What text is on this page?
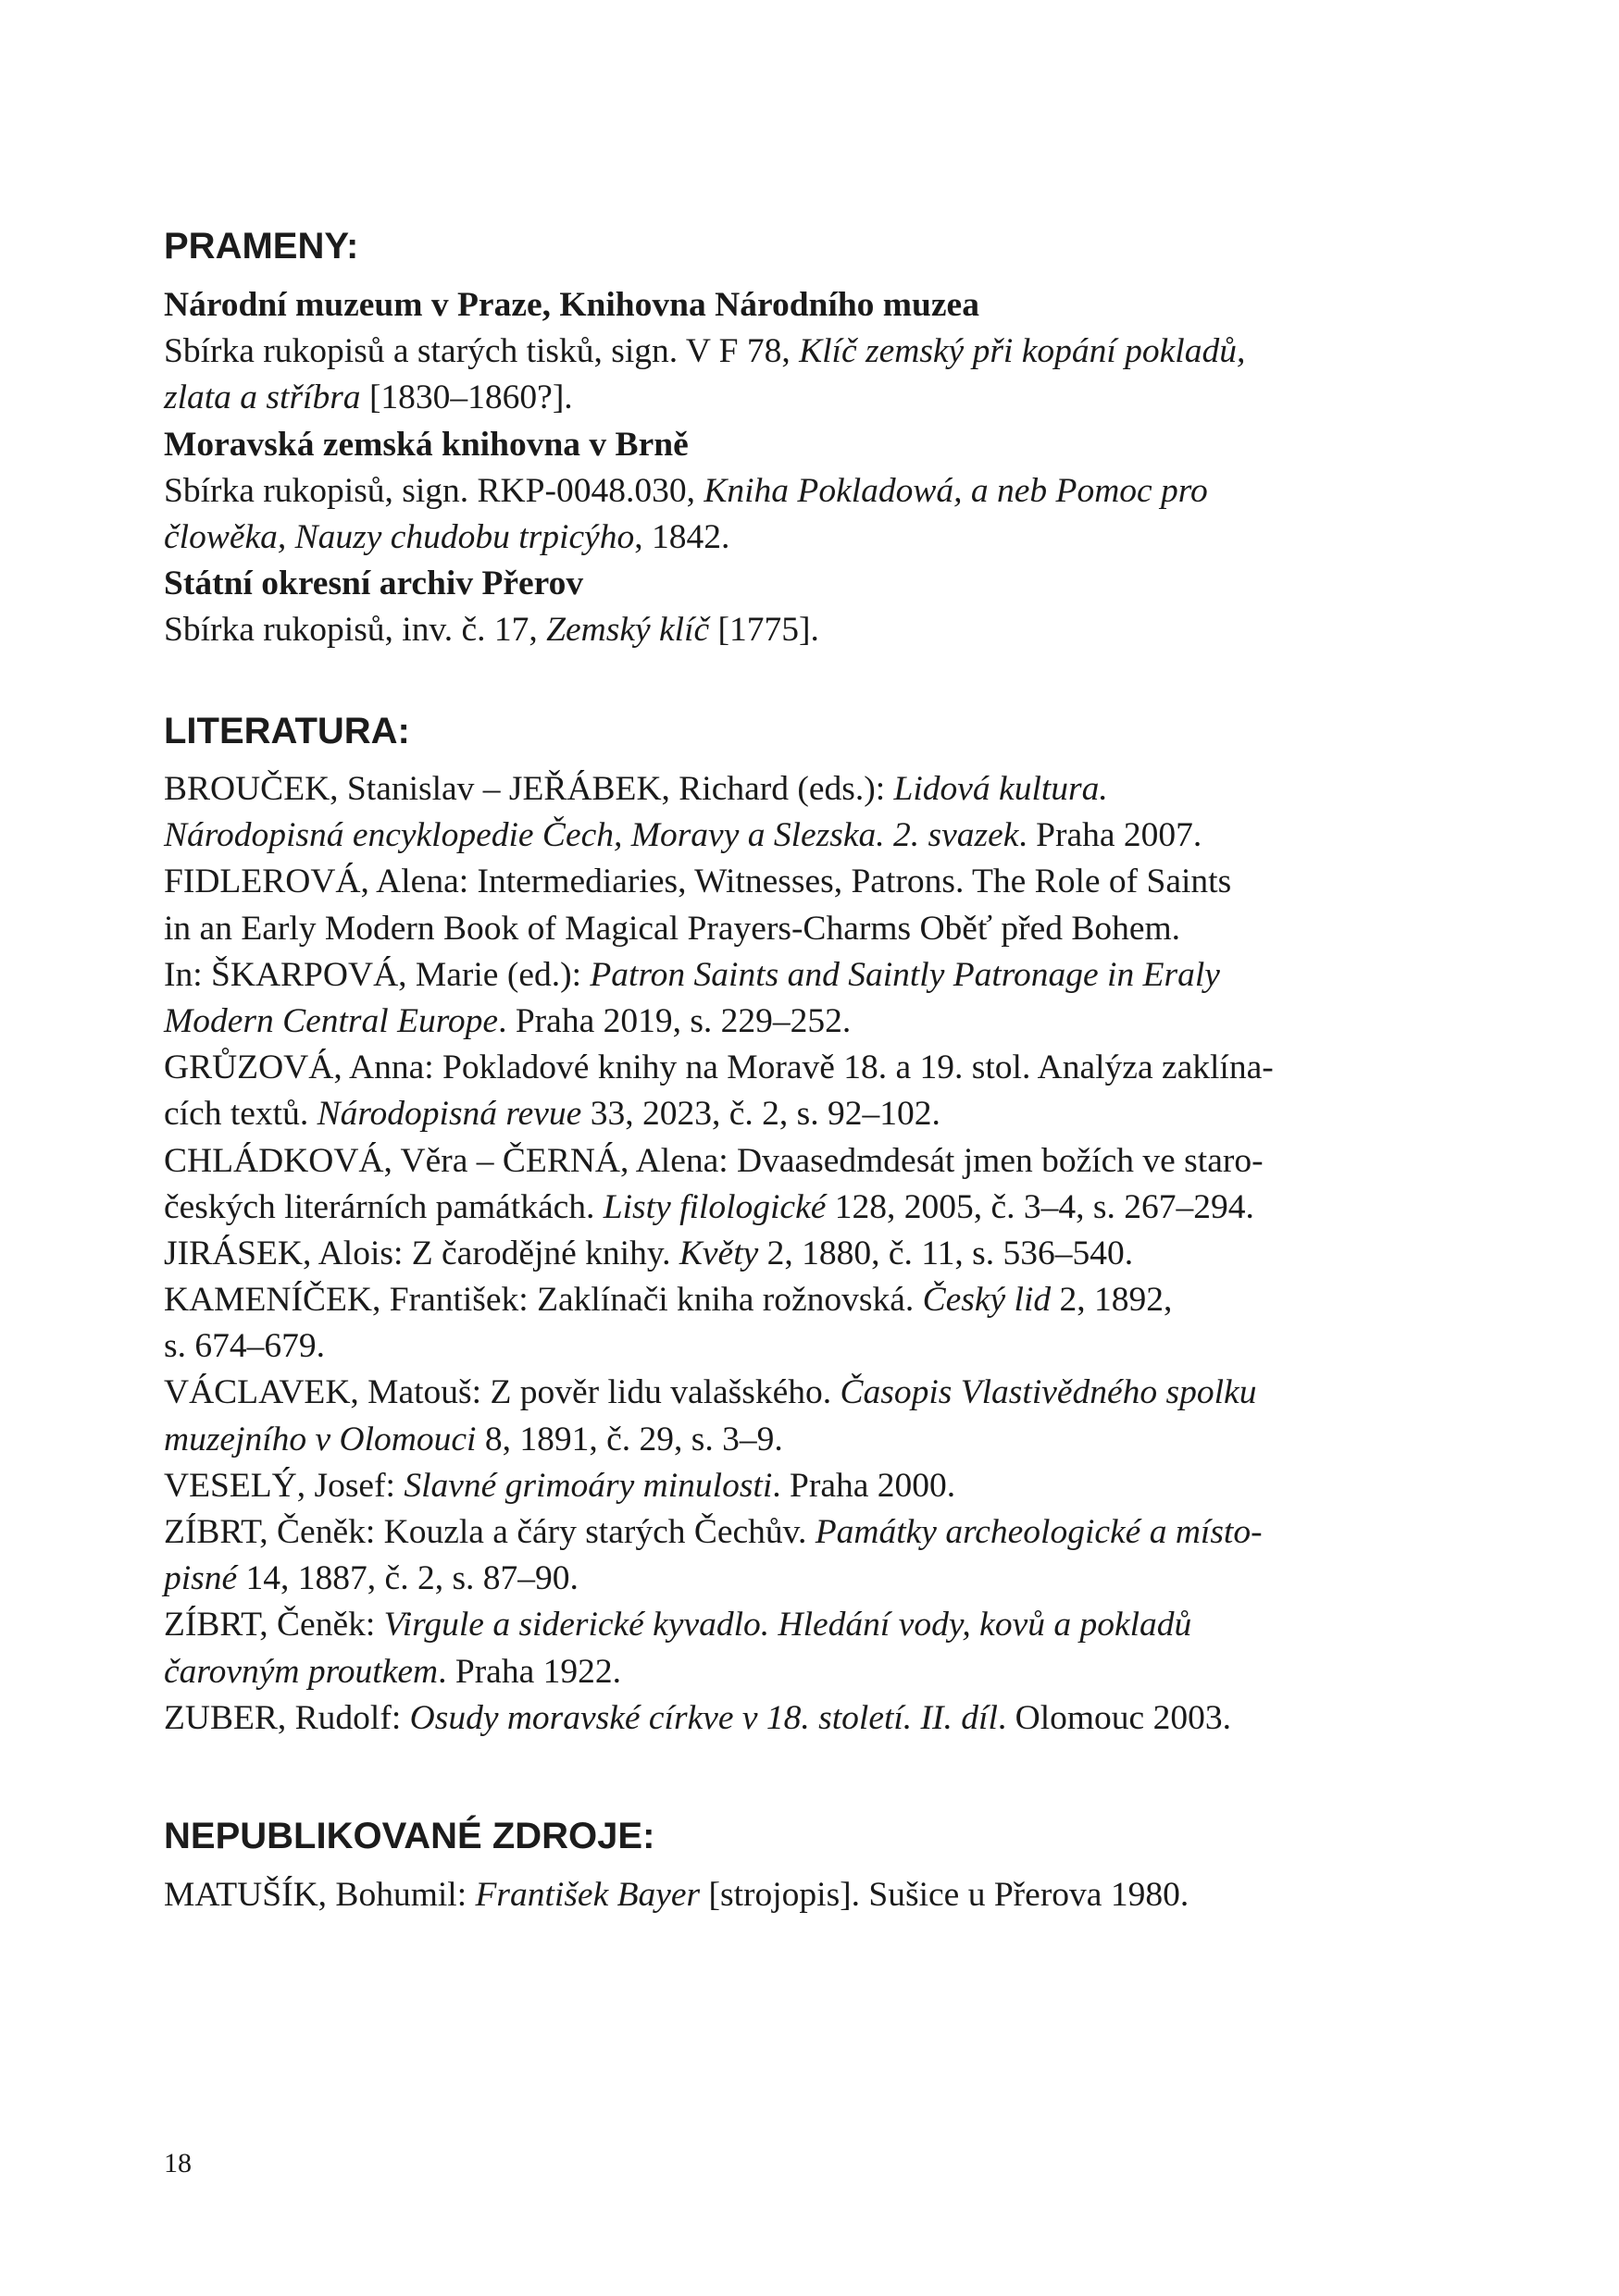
PRAMENY:
Národní muzeum v Praze, Knihovna Národního muzea
Sbírka rukopisů a starých tisků, sign. V F 78, Klíč zemský při kopání pokladů,
zlata a stříbra [1830–1860?].
Moravská zemská knihovna v Brně
Sbírka rukopisů, sign. RKP-0048.030, Kniha Pokladowá, a neb Pomoc pro
člowěka, Nauzy chudobu trpicýho, 1842.
Státní okresní archiv Přerov
Sbírka rukopisů, inv. č. 17, Zemský klíč [1775].
LITERATURA:
BROUČEK, Stanislav – JEŘÁBEK, Richard (eds.): Lidová kultura.
Národopisná encyklopedie Čech, Moravy a Slezska. 2. svazek. Praha 2007.
FIDLEROVÁ, Alena: Intermediaries, Witnesses, Patrons. The Role of Saints
in an Early Modern Book of Magical Prayers-Charms Oběť před Bohem.
In: ŠKARPOVÁ, Marie (ed.): Patron Saints and Saintly Patronage in Eraly
Modern Central Europe. Praha 2019, s. 229–252.
GRŮZOVÁ, Anna: Pokladové knihy na Moravě 18. a 19. stol. Analýza zaklína-
cích textů. Národopisná revue 33, 2023, č. 2, s. 92–102.
CHLÁDKOVÁ, Věra – ČERNÁ, Alena: Dvaasedmdesát jmen božích ve staro-
českých literárních památkách. Listy filologické 128, 2005, č. 3–4, s. 267–294.
JIRÁSEK, Alois: Z čarodějné knihy. Květy 2, 1880, č. 11, s. 536–540.
KAMENÍČEK, František: Zaklínači kniha rožnovská. Český lid 2, 1892,
s. 674–679.
VÁCLAVEK, Matouš: Z pověr lidu valašského. Časopis Vlastivědného spolku
muzejního v Olomouci 8, 1891, č. 29, s. 3–9.
VESELÝ, Josef: Slavné grimoáry minulosti. Praha 2000.
ZÍBRT, Čeněk: Kouzla a čáry starých Čechův. Památky archeologické a místo-
pisné 14, 1887, č. 2, s. 87–90.
ZÍBRT, Čeněk: Virgule a siderické kyvadlo. Hledání vody, kovů a pokladů
čarovným proutkem. Praha 1922.
ZUBER, Rudolf: Osudy moravské církve v 18. století. II. díl. Olomouc 2003.
NEPUBLIKOVANÉ ZDROJE:
MATUŠÍK, Bohumil: František Bayer [strojopis]. Sušice u Přerova 1980.
18
